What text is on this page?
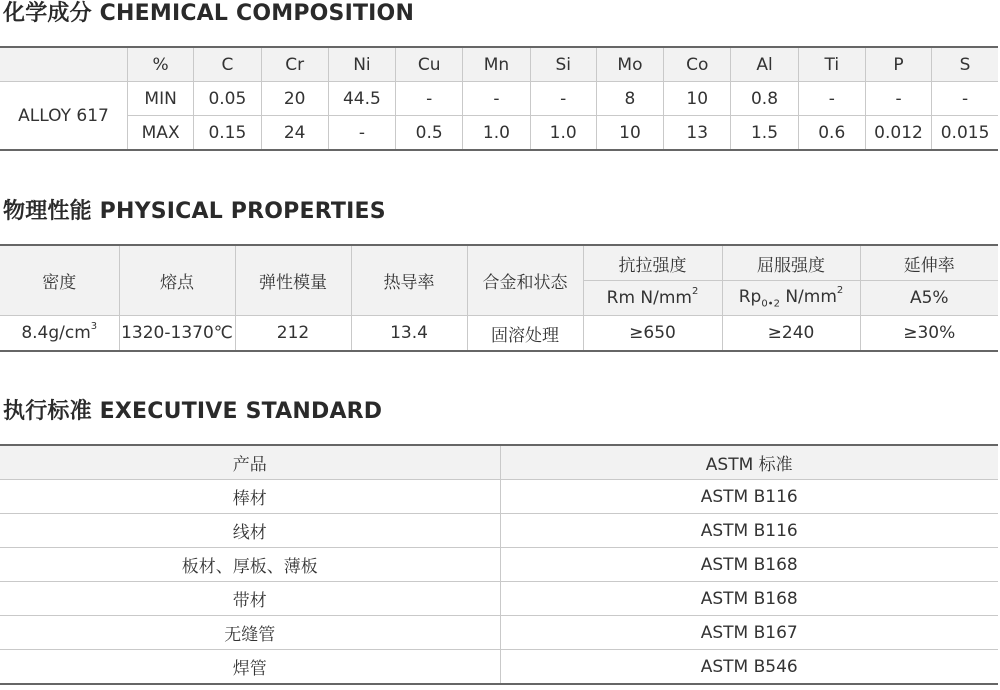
化学成分 CHEMICAL COMPOSITION
	%	C	Cr	Ni	Cu	Mn	Si	Mo	Co	Al	Ti	P	S
ALLOY 617	MIN	0.05	20	44.5	-	-	-	8	10	0.8	-	-	-
	MAX	0.15	24	-	0.5	1.0	1.0	10	13	1.5	0.6	0.012	0.015
物理性能 PHYSICAL PROPERTIES
密度	熔点	弹性模量	热导率	合金和状态	抗拉强度	屈服强度	延伸率
					Rm $N/mm^2$	$Rp_{0•2}$ $N/mm^2$	A5%
$8.4g/cm^3$	1320-1370℃	212	13.4	固溶处理	≥650	≥240	≥30%
执行标准 EXECUTIVE STANDARD
产品	ASTM 标准
棒材	ASTM B116
线材	ASTM B116
板材、厚板、薄板	ASTM B168
带材	ASTM B168
无缝管	ASTM B167
焊管	ASTM B546
